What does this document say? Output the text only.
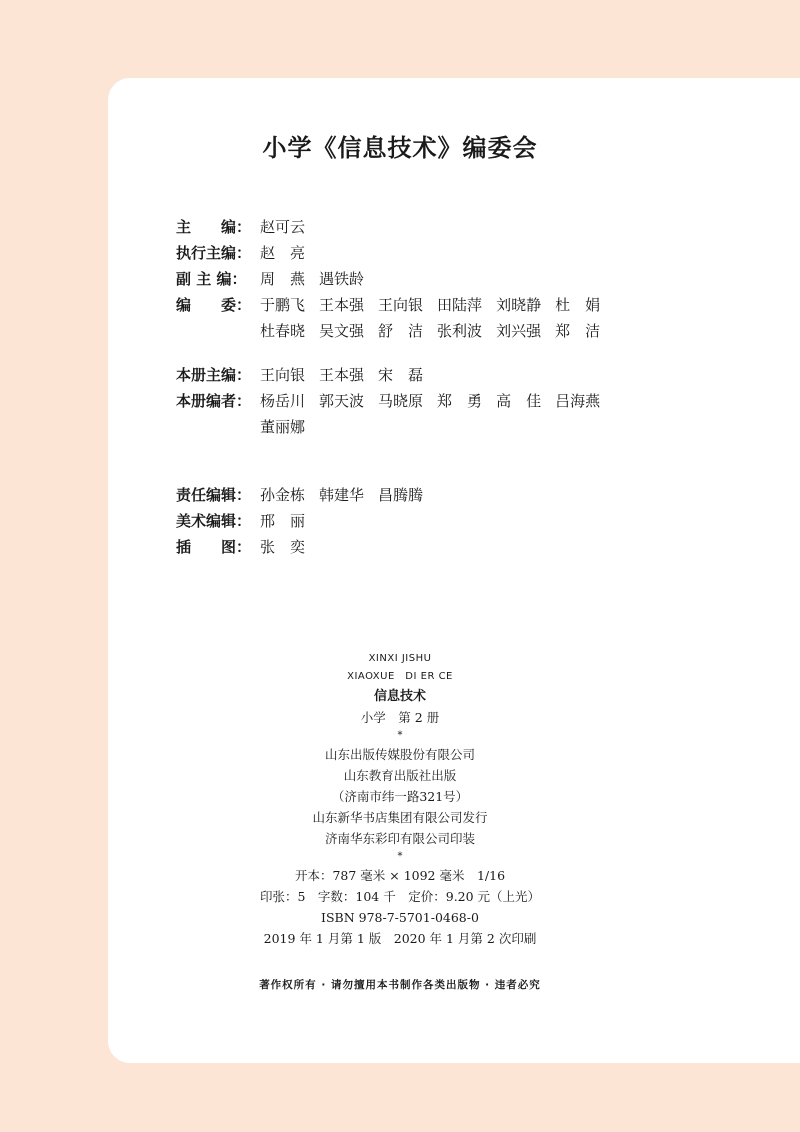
小学《信息技术》编委会
主　　编： 赵可云
执行主编： 赵　亮
副 主 编： 周　燕 遇铁龄
编　　委： 于鹏飞 王本强 王向银 田陆萍 刘晓静 杜　娟
杜春晓 吴文强 舒　洁 张利波 刘兴强 郑　洁
本册主编： 王向银 王本强 宋　磊
本册编者： 杨岳川 郭天波 马晓原 郑　勇 高　佳 吕海燕
董丽娜
责任编辑： 孙金栋 韩建华 昌腾腾
美术编辑： 邢　丽
插　　图： 张　奕
XINXI JISHU
XIAOXUE　DI ER CE
信息技术
小学　第 2 册
*
山东出版传媒股份有限公司
山东教育出版社出版
（济南市纬一路321号）
山东新华书店集团有限公司发行
济南华东彩印有限公司印装
*
开本：787 毫米 × 1092 毫米　1/16
印张：5　字数：104 千　定价：9.20 元（上光）
ISBN 978-7-5701-0468-0
2019 年 1 月第 1 版　2020 年 1 月第 2 次印刷
著作权所有 · 请勿擅用本书制作各类出版物 · 违者必究
